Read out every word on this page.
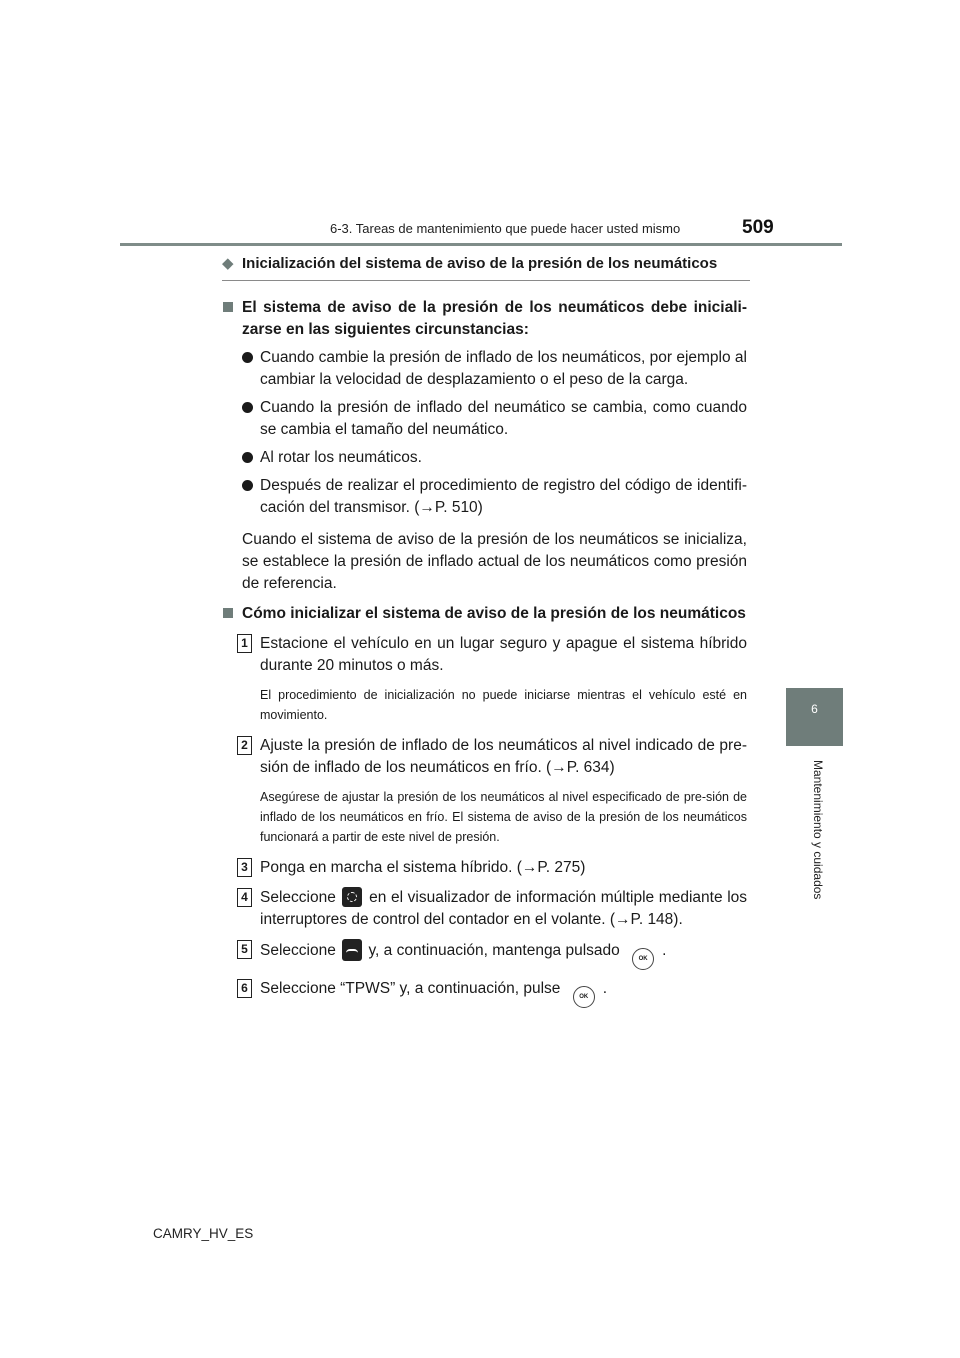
6-3. Tareas de mantenimiento que puede hacer usted mismo	509
6
Mantenimiento y cuidados
◆ Inicialización del sistema de aviso de la presión de los neumáticos
El sistema de aviso de la presión de los neumáticos debe iniciali-zarse en las siguientes circunstancias:
Cuando cambie la presión de inflado de los neumáticos, por ejemplo al cambiar la velocidad de desplazamiento o el peso de la carga.
Cuando la presión de inflado del neumático se cambia, como cuando se cambia el tamaño del neumático.
Al rotar los neumáticos.
Después de realizar el procedimiento de registro del código de identifi-cación del transmisor. (→P. 510)
Cuando el sistema de aviso de la presión de los neumáticos se inicializa, se establece la presión de inflado actual de los neumáticos como presión de referencia.
Cómo inicializar el sistema de aviso de la presión de los neumáticos
1 Estacione el vehículo en un lugar seguro y apague el sistema híbrido durante 20 minutos o más.
El procedimiento de inicialización no puede iniciarse mientras el vehículo esté en movimiento.
2 Ajuste la presión de inflado de los neumáticos al nivel indicado de pre-sión de inflado de los neumáticos en frío. (→P. 634)
Asegúrese de ajustar la presión de los neumáticos al nivel especificado de pre-sión de inflado de los neumáticos en frío. El sistema de aviso de la presión de los neumáticos funcionará a partir de este nivel de presión.
3 Ponga en marcha el sistema híbrido. (→P. 275)
4 Seleccione en el visualizador de información múltiple mediante los interruptores de control del contador en el volante. (→P. 148).
5 Seleccione y, a continuación, mantenga pulsado	OK .
6 Seleccione “TPWS” y, a continuación, pulse	OK .
CAMRY_HV_ES
